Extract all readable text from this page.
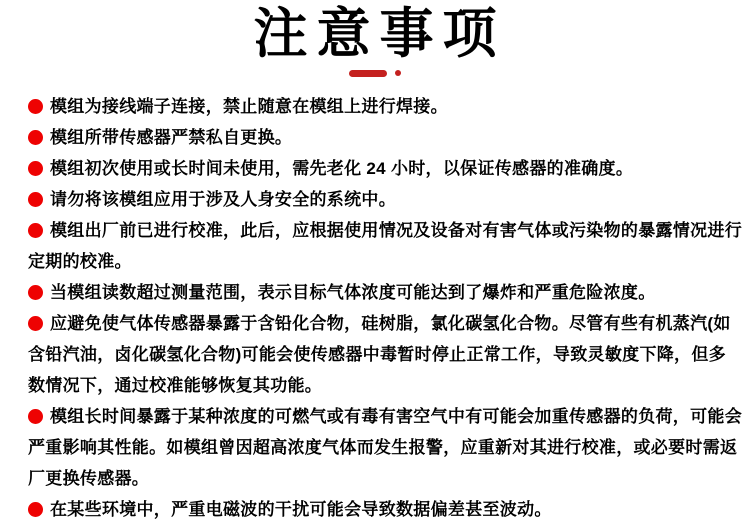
注意事项

模组为接线端子连接，禁止随意在模组上进行焊接。

模组所带传感器严禁私自更换。

模组初次使用或长时间未使用，需先老化 24 小时，以保证传感器的准确度。

请勿将该模组应用于涉及人身安全的系统中。

模组出厂前已进行校准，此后，应根据使用情况及设备对有害气体或污染物的暴露情况进行
定期的校准。

当模组读数超过测量范围，表示目标气体浓度可能达到了爆炸和严重危险浓度。

应避免使气体传感器暴露于含铅化合物，硅树脂，氯化碳氢化合物。尽管有些有机蒸汽(如
含铅汽油，卤化碳氢化合物)可能会使传感器中毒暂时停止正常工作，导致灵敏度下降，但多
数情况下，通过校准能够恢复其功能。

模组长时间暴露于某种浓度的可燃气或有毒有害空气中有可能会加重传感器的负荷，可能会
严重影响其性能。如模组曾因超高浓度气体而发生报警，应重新对其进行校准，或必要时需返
厂更换传感器。

在某些环境中，严重电磁波的干扰可能会导致数据偏差甚至波动。
